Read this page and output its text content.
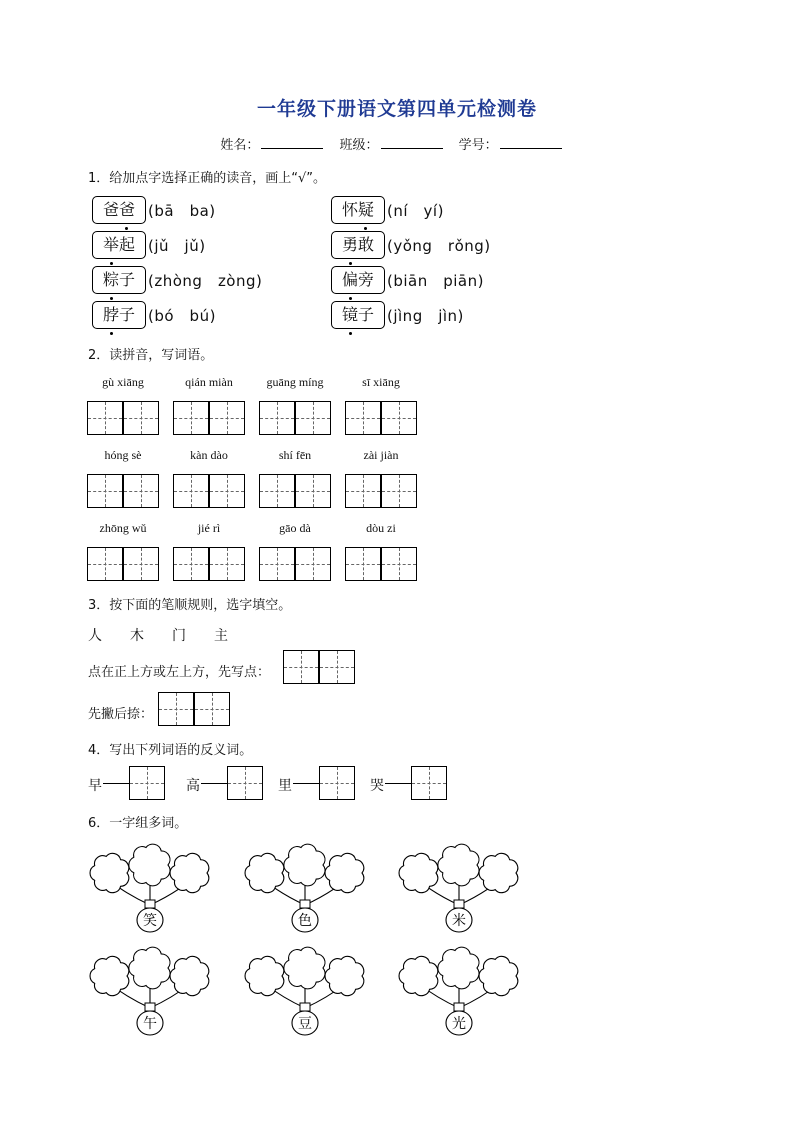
一年级下册语文第四单元检测卷
姓名：	班级：	学号：
1．给加点字选择正确的读音，画上“√”。
爸爸 (bā　ba)	怀疑 (ní　yí)
举起 (jǔ　jǔ)	勇敢 (yǒng　rǒng)
粽子 (zhòng　zòng)	偏旁 (biān　piān)
脖子 (bó　bú)	镜子 (jìng　jìn)
2．读拼音，写词语。
gù xiāng	qián miàn	guāng míng	sī xiāng
hóng sè	kàn dào	shí fēn	zài jiàn
zhōng wǔ	jié rì	gāo dà	dòu zi
3．按下面的笔顺规则，选字填空。
人 木 门 主
点在正上方或左上方，先写点：
先撇后捺：
4．写出下列词语的反义词。
早	高	里	哭
6．一字组多词。
笑	色	米
午	豆	光
